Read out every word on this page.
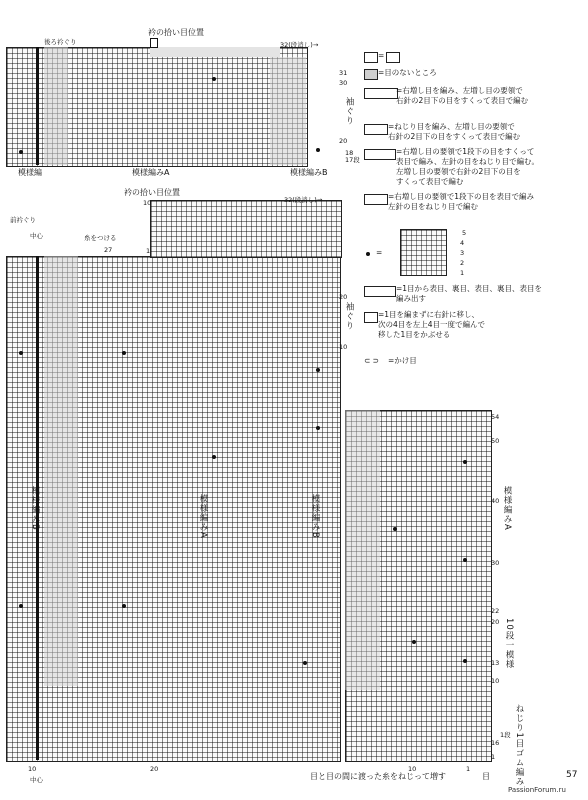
後ろ衿ぐり
衿の拾い目位置
32(段消し)→
31
30
袖ぐり
20
18
17段
模様編	模様編みA	模様編みB
=
=目のないところ
=右増し目を編み、左増し目の要領で
右針の2目下の目をすくって表目で編む
=ねじり目を編み、左増し目の要領で
右針の2目下の目をすくって表目で編む
=右増し目の要領で1段下の目をすくって
表目で編み、左針の目をねじり目で編む。
左増し目の要領で右針の2目下の目を
すくって表目で編む
=右増し目の要領で1段下の目を表目で編み
左針の目をねじり目で編む
=
5
4
3
2
1
=1目から表目、裏目、表目、裏目、表目を
編み出す
=1目を編まずに右針に移し、
次の4目を左上4目一度で編んで
移した1目をかぶせる
⊂ ⊃ =かけ目
衿の拾い目位置
32(段消し)→
前衿ぐり
中心	糸をつける
27
10
1
袖ぐり
20
10
模様編みB	模様編みA	模様編みB	模様編みA
54
50
40
30
22
20 10段一模様
13
10
ねじり1目ゴム編み
1段
16
1
目
10
中心
20	10	1
目と目の間に渡った糸をねじって増す	57
PassionForum.ru
